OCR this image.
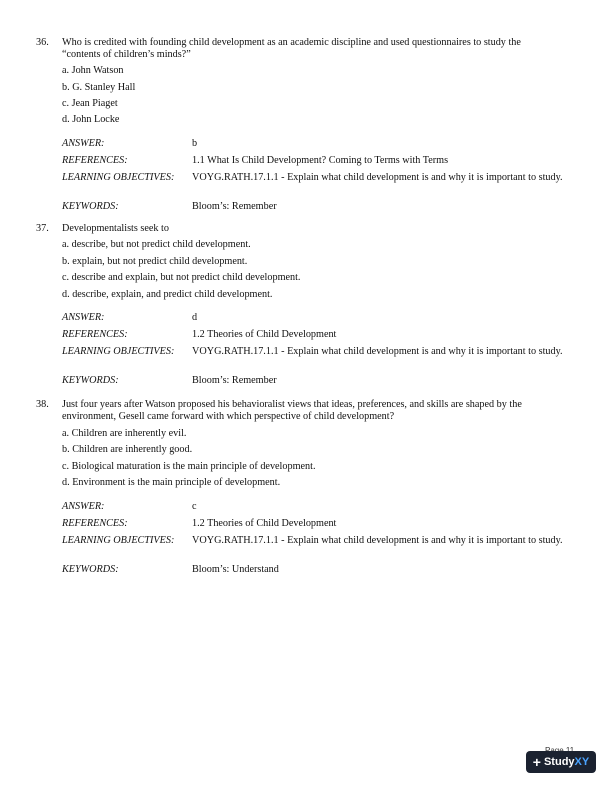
36. Who is credited with founding child development as an academic discipline and used questionnaires to study the
“contents of children’s minds?”
a. John Watson
b. G. Stanley Hall
c. Jean Piaget
d. John Locke
ANSWER:	b
REFERENCES:	1.1 What Is Child Development? Coming to Terms with Terms
LEARNING OBJECTIVES: VOYG.RATH.17.1.1 - Explain what child development is and why it is important to study.
KEYWORDS:	Bloom’s: Remember
37. Developmentalists seek to
a. describe, but not predict child development.
b. explain, but not predict child development.
c. describe and explain, but not predict child development.
d. describe, explain, and predict child development.
ANSWER:	d
REFERENCES:	1.2 Theories of Child Development
LEARNING OBJECTIVES: VOYG.RATH.17.1.1 - Explain what child development is and why it is important to study.
KEYWORDS:	Bloom’s: Remember
38. Just four years after Watson proposed his behavioralist views that ideas, preferences, and skills are shaped by the
environment, Gesell came forward with which perspective of child development?
a. Children are inherently evil.
b. Children are inherently good.
c. Biological maturation is the main principle of development.
d. Environment is the main principle of development.
ANSWER:	c
REFERENCES:	1.2 Theories of Child Development
LEARNING OBJECTIVES: VOYG.RATH.17.1.1 - Explain what child development is and why it is important to study.
KEYWORDS:	Bloom’s: Understand
+ Study XY
